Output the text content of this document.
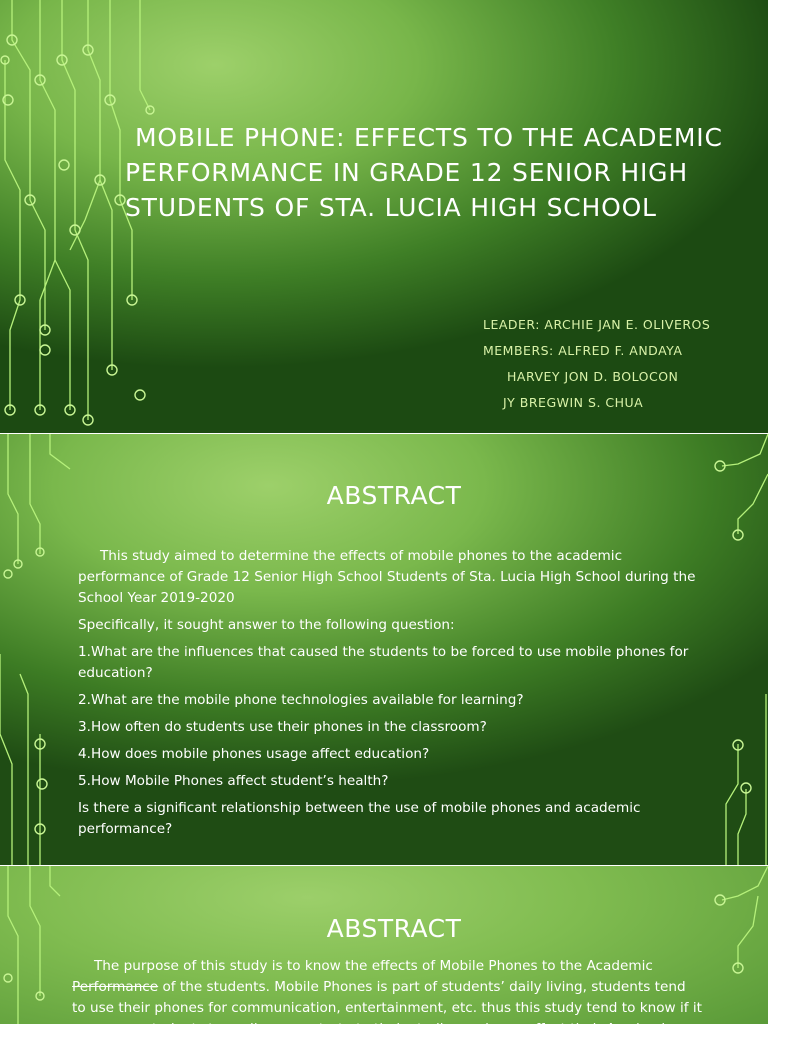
MOBILE PHONE: EFFECTS TO THE ACADEMIC
PERFORMANCE IN GRADE 12 SENIOR HIGH
STUDENTS OF STA. LUCIA HIGH SCHOOL
LEADER: ARCHIE JAN E. OLIVEROS
MEMBERS: ALFRED F. ANDAYA
HARVEY JON D. BOLOCON
JY BREGWIN S. CHUA
ABSTRACT

This study aimed to determine the effects of mobile phones to the academic performance of Grade 12 Senior High School Students of Sta. Lucia High School during the School Year 2019-2020

Specifically, it sought answer to the following question:

1.What are the influences that caused the students to be forced to use mobile phones for education?

2.What are the mobile phone technologies available for learning?

3.How often do students use their phones in the classroom?

4.How does mobile phones usage affect education?

5.How Mobile Phones affect student’s health?

Is there a significant relationship between the use of mobile phones and academic performance?

ABSTRACT

The purpose of this study is to know the effects of Mobile Phones to the Academic Performance of the students. Mobile Phones is part of students’ daily living, students tend to use their phones for communication, entertainment, etc. thus this study tend to know if it can cause students to easily concentrate to their studies and may affect their Academic Performance.
